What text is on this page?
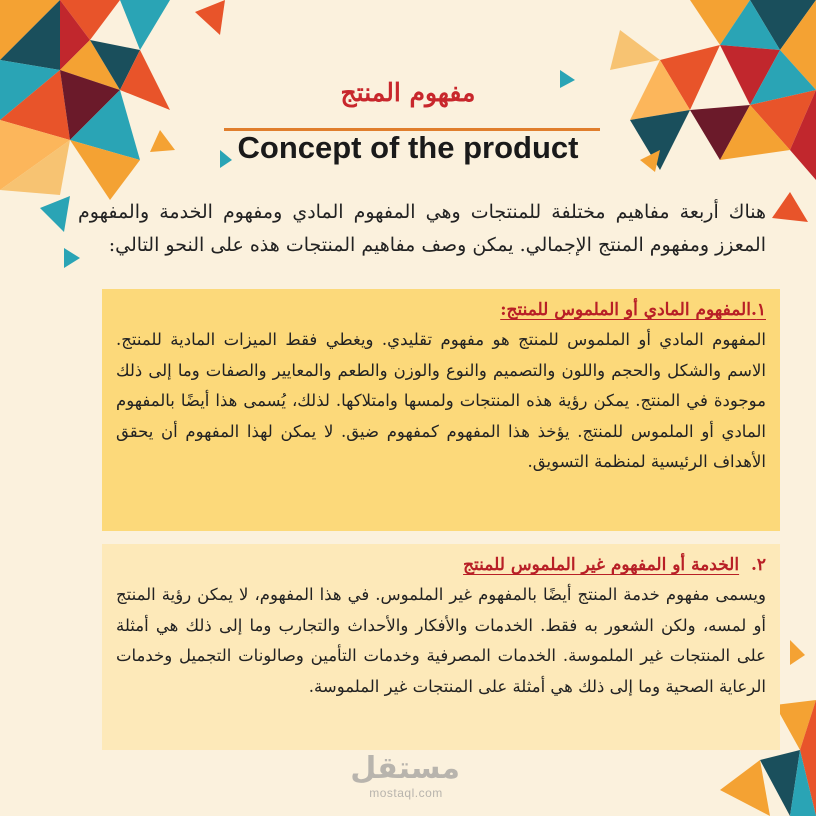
مفهوم المنتج
Concept of the product
هناك أربعة مفاهيم مختلفة للمنتجات وهي المفهوم المادي ومفهوم الخدمة والمفهوم المعزز ومفهوم المنتج الإجمالي. يمكن وصف مفاهيم المنتجات هذه على النحو التالي:
١.المفهوم المادي أو الملموس للمنتج:
المفهوم المادي أو الملموس للمنتج هو مفهوم تقليدي. ويغطي فقط الميزات المادية للمنتج. الاسم والشكل والحجم واللون والتصميم والنوع والوزن والطعم والمعايير والصفات وما إلى ذلك موجودة في المنتج. يمكن رؤية هذه المنتجات ولمسها وامتلاكها. لذلك، يُسمى هذا أيضًا بالمفهوم المادي أو الملموس للمنتج. يؤخذ هذا المفهوم كمفهوم ضيق. لا يمكن لهذا المفهوم أن يحقق الأهداف الرئيسية لمنظمة التسويق.
٢.  الخدمة أو المفهوم غير الملموس للمنتج
ويسمى مفهوم خدمة المنتج أيضًا بالمفهوم غير الملموس. في هذا المفهوم، لا يمكن رؤية المنتج أو لمسه، ولكن الشعور به فقط. الخدمات والأفكار والأحداث والتجارب وما إلى ذلك هي أمثلة على المنتجات غير الملموسة. الخدمات المصرفية وخدمات التأمين وصالونات التجميل وخدمات الرعاية الصحية وما إلى ذلك هي أمثلة على المنتجات غير الملموسة.
مستقل
mostaql.com
